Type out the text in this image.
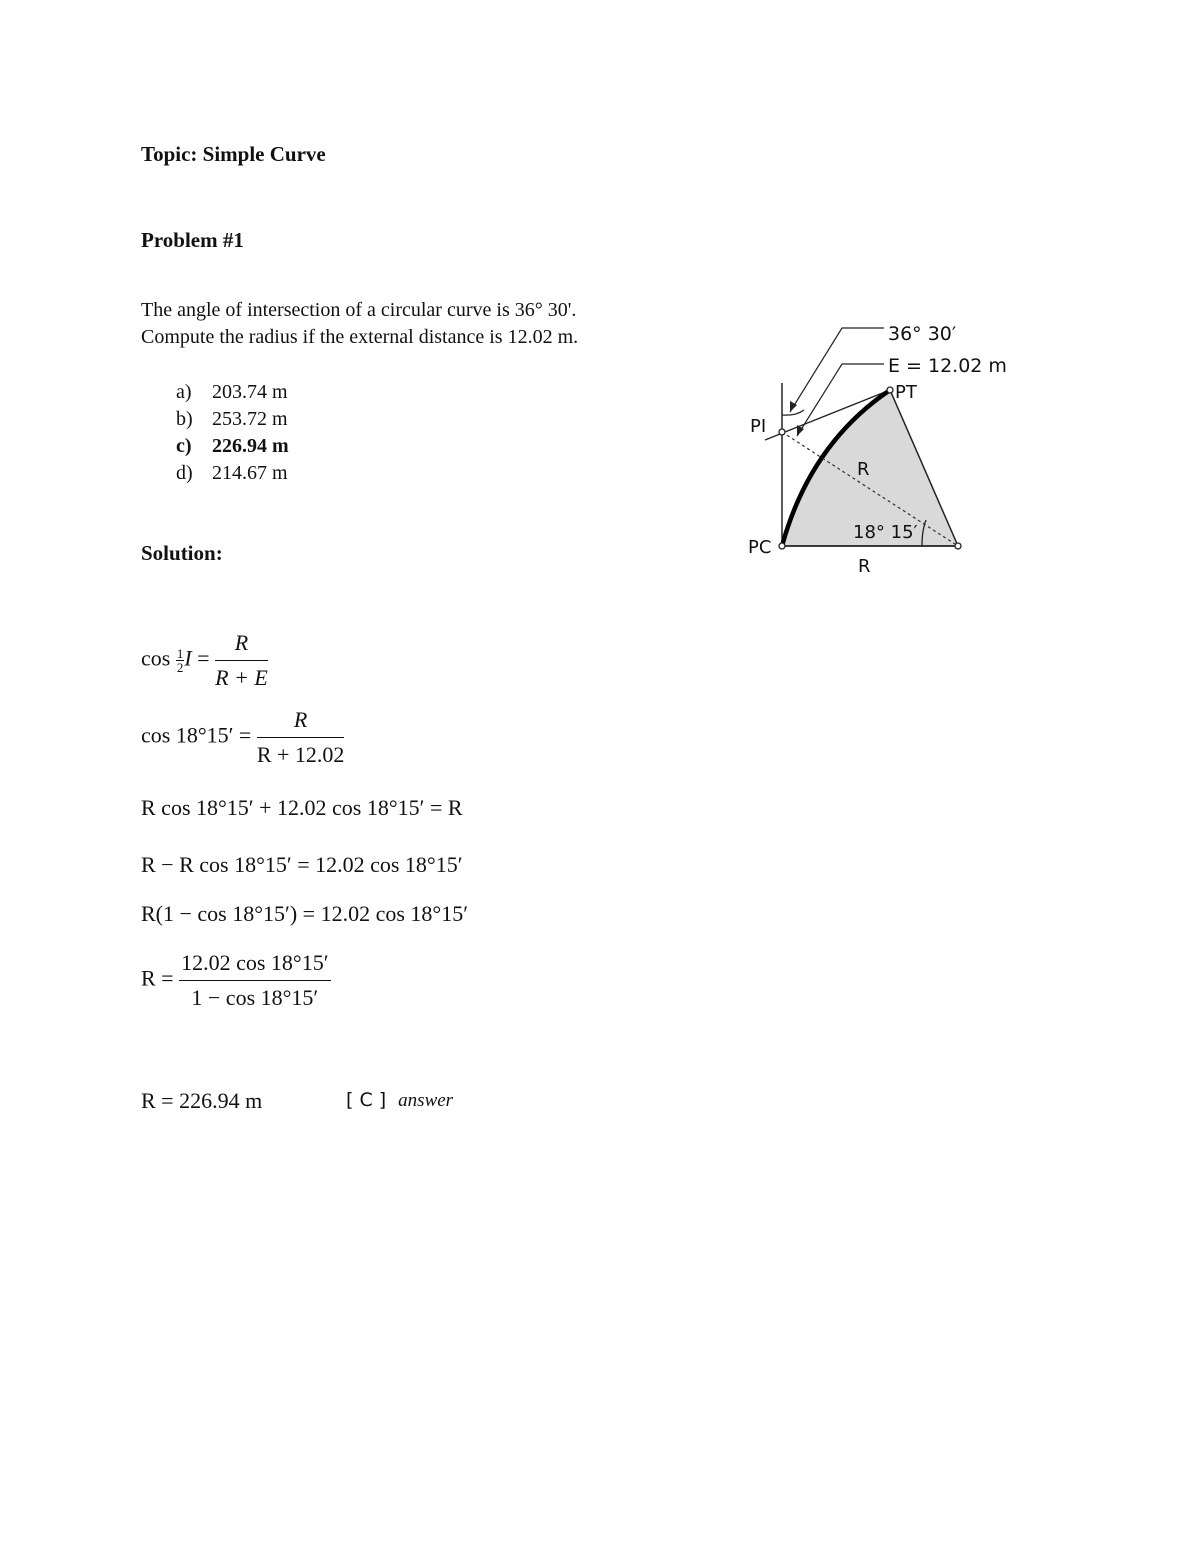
Topic: Simple Curve
Problem #1
The angle of intersection of a circular curve is 36° 30'.
Compute the radius if the external distance is 12.02 m.
a) 203.74 m
b) 253.72 m
c) 226.94 m
d) 214.67 m
Solution:
$\cos \frac{1}{2}$ $I = \frac{R}{R + E}$
$\cos 18^\circ 15' = \frac{R}{R + 12.02}$
R cos 18°15′ + 12.02 cos 18°15′ = R
R − R cos 18°15′ = 12.02 cos 18°15′
R(1 − cos 18°15′) = 12.02 cos 18°15′
$R = \frac{12.02 \cos 18^\circ 15'}{1 - \cos 18^\circ 15'}$
R = 226.94 m	[ C ] answer
36° 30′
E = 12.02 m
PT
PI
PC
R
18° 15′
R
